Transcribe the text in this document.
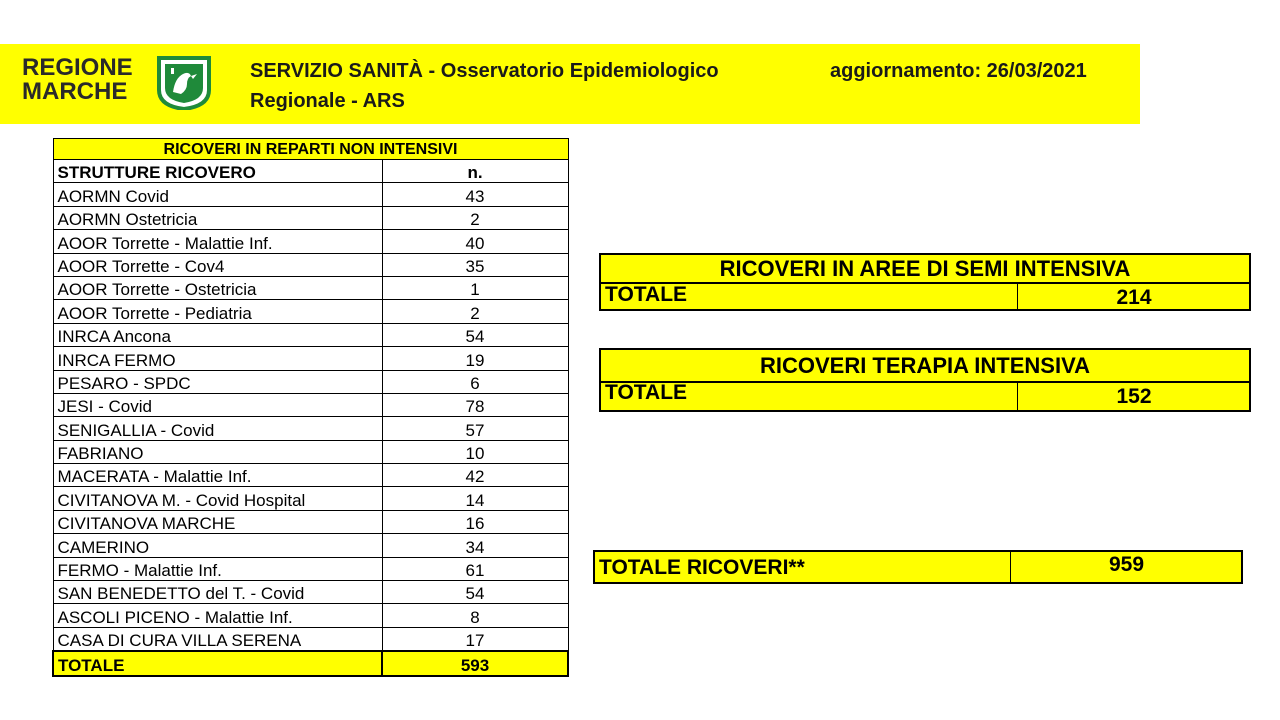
REGIONE
MARCHE
SERVIZIO SANITÀ - Osservatorio Epidemiologico
Regionale - ARS
aggiornamento: 26/03/2021
RICOVERI IN REPARTI NON INTENSIVI	
STRUTTURE RICOVERO	n.
AORMN Covid	43
AORMN Ostetricia	2
AOOR Torrette - Malattie Inf.	40
AOOR Torrette - Cov4	35
AOOR Torrette - Ostetricia	1
AOOR Torrette - Pediatria	2
INRCA Ancona	54
INRCA FERMO	19
PESARO - SPDC	6
JESI - Covid	78
SENIGALLIA - Covid	57
FABRIANO	10
MACERATA - Malattie Inf.	42
CIVITANOVA M. - Covid Hospital	14
CIVITANOVA MARCHE	16
CAMERINO	34
FERMO - Malattie Inf.	61
SAN BENEDETTO del T. - Covid	54
ASCOLI PICENO - Malattie Inf.	8
CASA DI CURA VILLA SERENA	17
TOTALE	593
RICOVERI IN AREE DI SEMI INTENSIVA
TOTALE	214
RICOVERI TERAPIA INTENSIVA
TOTALE	152
TOTALE RICOVERI**	959
